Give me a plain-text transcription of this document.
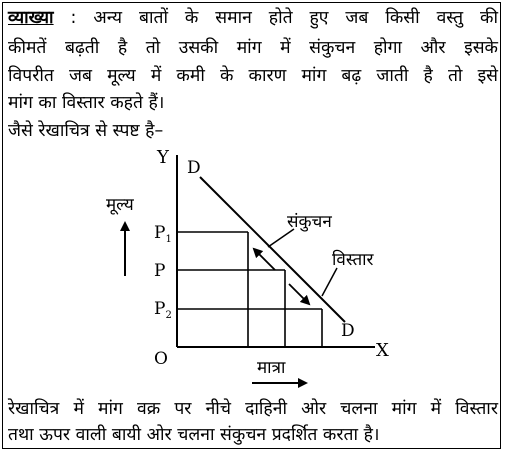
व्याख्या : अन्य बातों के समान होते हुए जब किसी वस्तु की
कीमतें बढ़ती है तो उसकी मांग में संकुचन होगा और इसके
विपरीत जब मूल्य में कमी के कारण मांग बढ़ जाती है तो इसे
मांग का विस्तार कहते हैं।
जैसे रेखाचित्र से स्पष्ट है–
Y
X
O
D
D
$P_1$
P
$P_2$
मूल्य
मात्रा
संकुचन
विस्तार
रेखाचित्र में मांग वक्र पर नीचे दाहिनी ओर चलना मांग में विस्तार
तथा ऊपर वाली बायी ओर चलना संकुचन प्रदर्शित करता है।
